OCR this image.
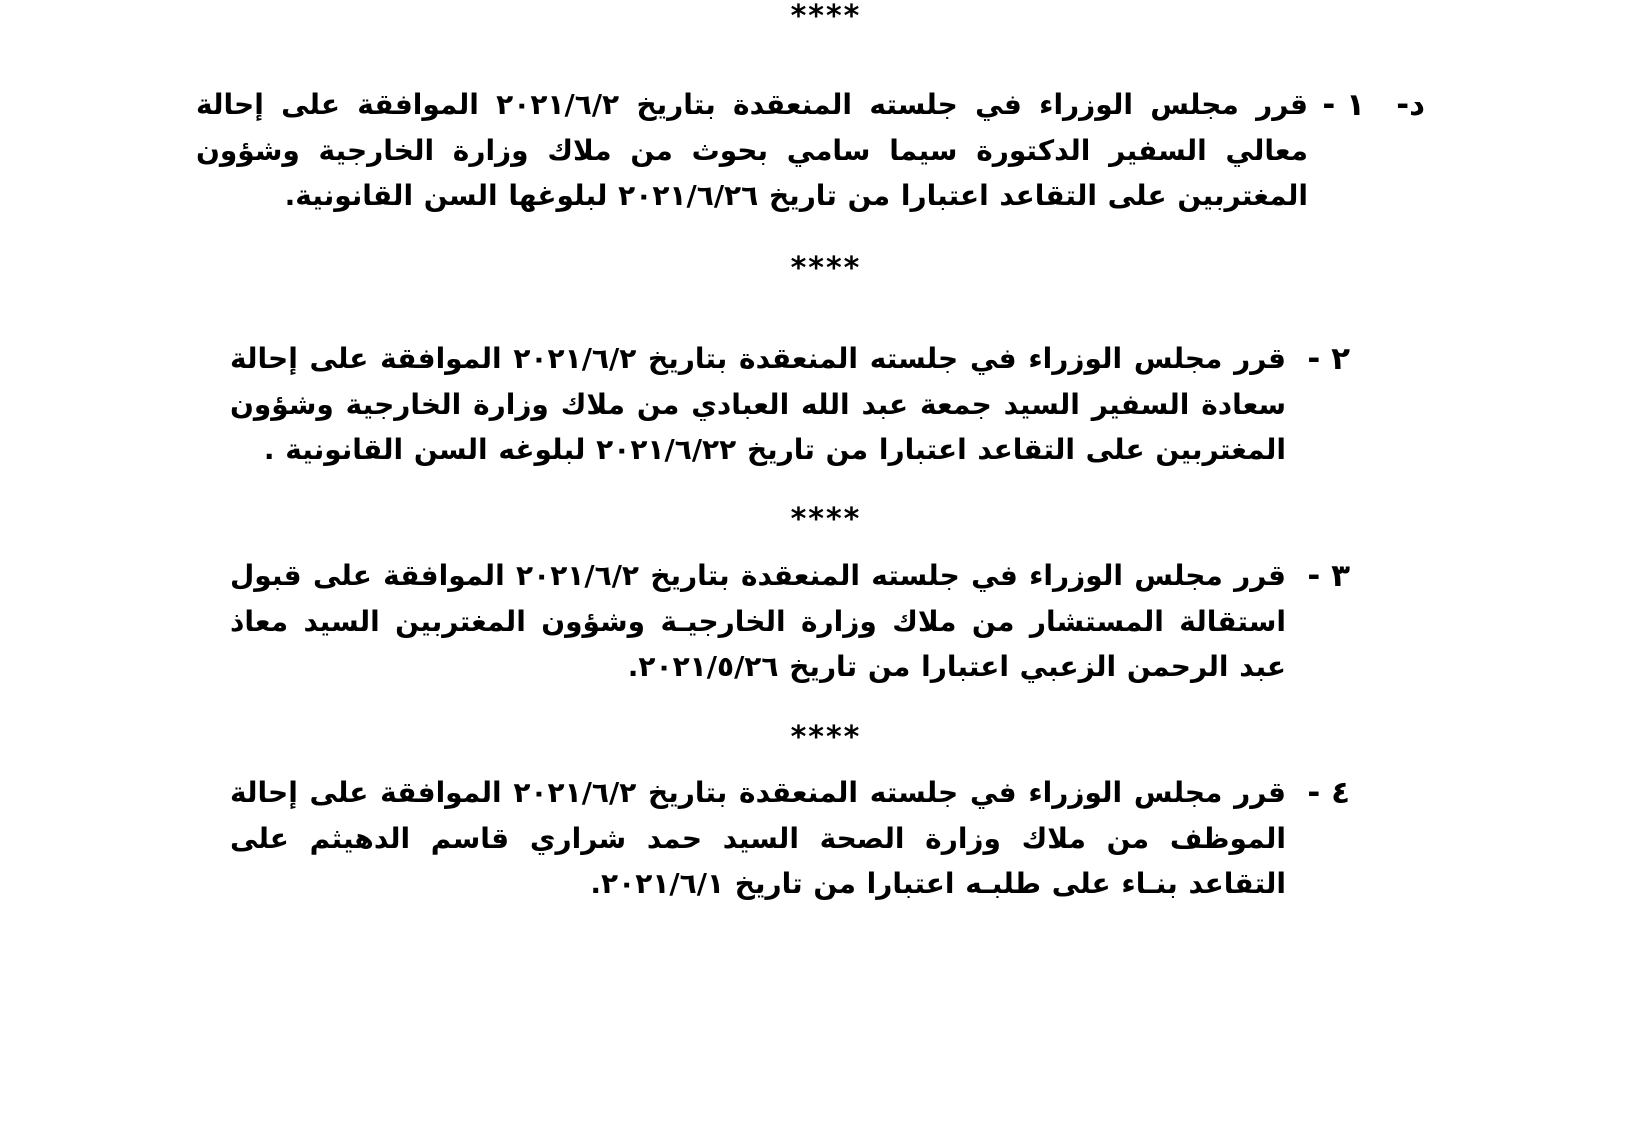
****
د-
١ -
قرر مجلس الوزراء في جلسته المنعقدة بتاريخ ٢٠٢١/٦/٢ الموافقة على إحالة معالي السفير الدكتورة سيما سامي بحوث من ملاك وزارة الخارجية وشؤون المغتربين على التقاعد اعتبارا من تاريخ ٢٠٢١/٦/٢٦ لبلوغها السن القانونية.
****
٢ -
قرر مجلس الوزراء في جلسته المنعقدة بتاريخ ٢٠٢١/٦/٢ الموافقة على إحالة سعادة السفير السيد جمعة عبد الله العبادي من ملاك وزارة الخارجية وشؤون المغتربين على التقاعد اعتبارا من تاريخ ٢٠٢١/٦/٢٢ لبلوغه السن القانونية .
****
٣ -
قرر مجلس الوزراء في جلسته المنعقدة بتاريخ ٢٠٢١/٦/٢ الموافقة على قبول استقالة المستشار من ملاك وزارة الخارجيـة وشؤون المغتربين السيد معاذ عبد الرحمن الزعبي اعتبارا من تاريخ ٢٠٢١/٥/٢٦.
****
٤ -
قرر مجلس الوزراء في جلسته المنعقدة بتاريخ ٢٠٢١/٦/٢ الموافقة على إحالة الموظف من ملاك وزارة الصحة السيد حمد شراري قاسم الدهيثم على التقاعد بنـاء على طلبـه اعتبارا من تاريخ ٢٠٢١/٦/١.
